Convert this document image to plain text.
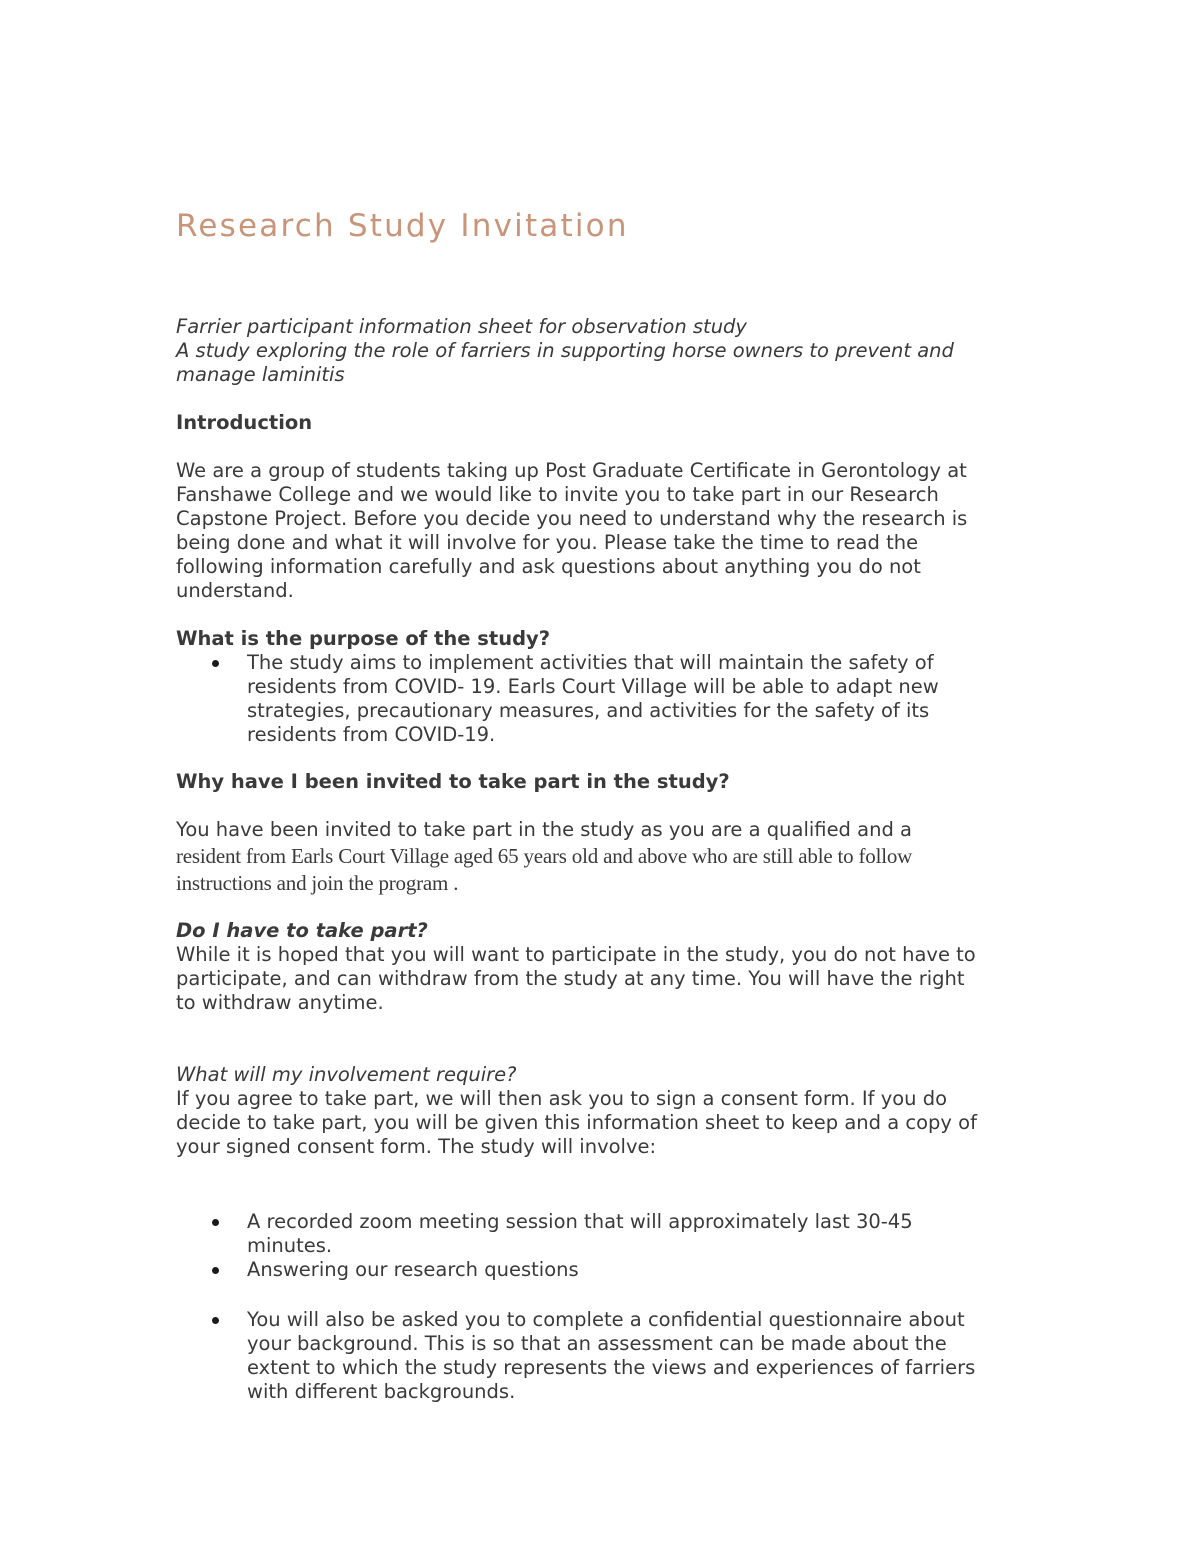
Research Study Invitation
Farrier participant information sheet for observation study
A study exploring the role of farriers in supporting horse owners to prevent and
manage laminitis
Introduction
We are a group of students taking up Post Graduate Certificate in Gerontology at
Fanshawe College and we would like to invite you to take part in our Research
Capstone Project. Before you decide you need to understand why the research is
being done and what it will involve for you. Please take the time to read the
following information carefully and ask questions about anything you do not
understand.
What is the purpose of the study?
The study aims to implement activities that will maintain the safety of
residents from COVID- 19. Earls Court Village will be able to adapt new
strategies, precautionary measures, and activities for the safety of its
residents from COVID-19.
Why have I been invited to take part in the study?
You have been invited to take part in the study as you are a qualified and a
resident from Earls Court Village aged 65 years old and above who are still able to follow
instructions and join the program .
Do I have to take part?
While it is hoped that you will want to participate in the study, you do not have to
participate, and can withdraw from the study at any time. You will have the right
to withdraw anytime.
What will my involvement require?
If you agree to take part, we will then ask you to sign a consent form. If you do
decide to take part, you will be given this information sheet to keep and a copy of
your signed consent form. The study will involve:
A recorded zoom meeting session that will approximately last 30-45
minutes.
Answering our research questions
You will also be asked you to complete a confidential questionnaire about
your background. This is so that an assessment can be made about the
extent to which the study represents the views and experiences of farriers
with different backgrounds.
